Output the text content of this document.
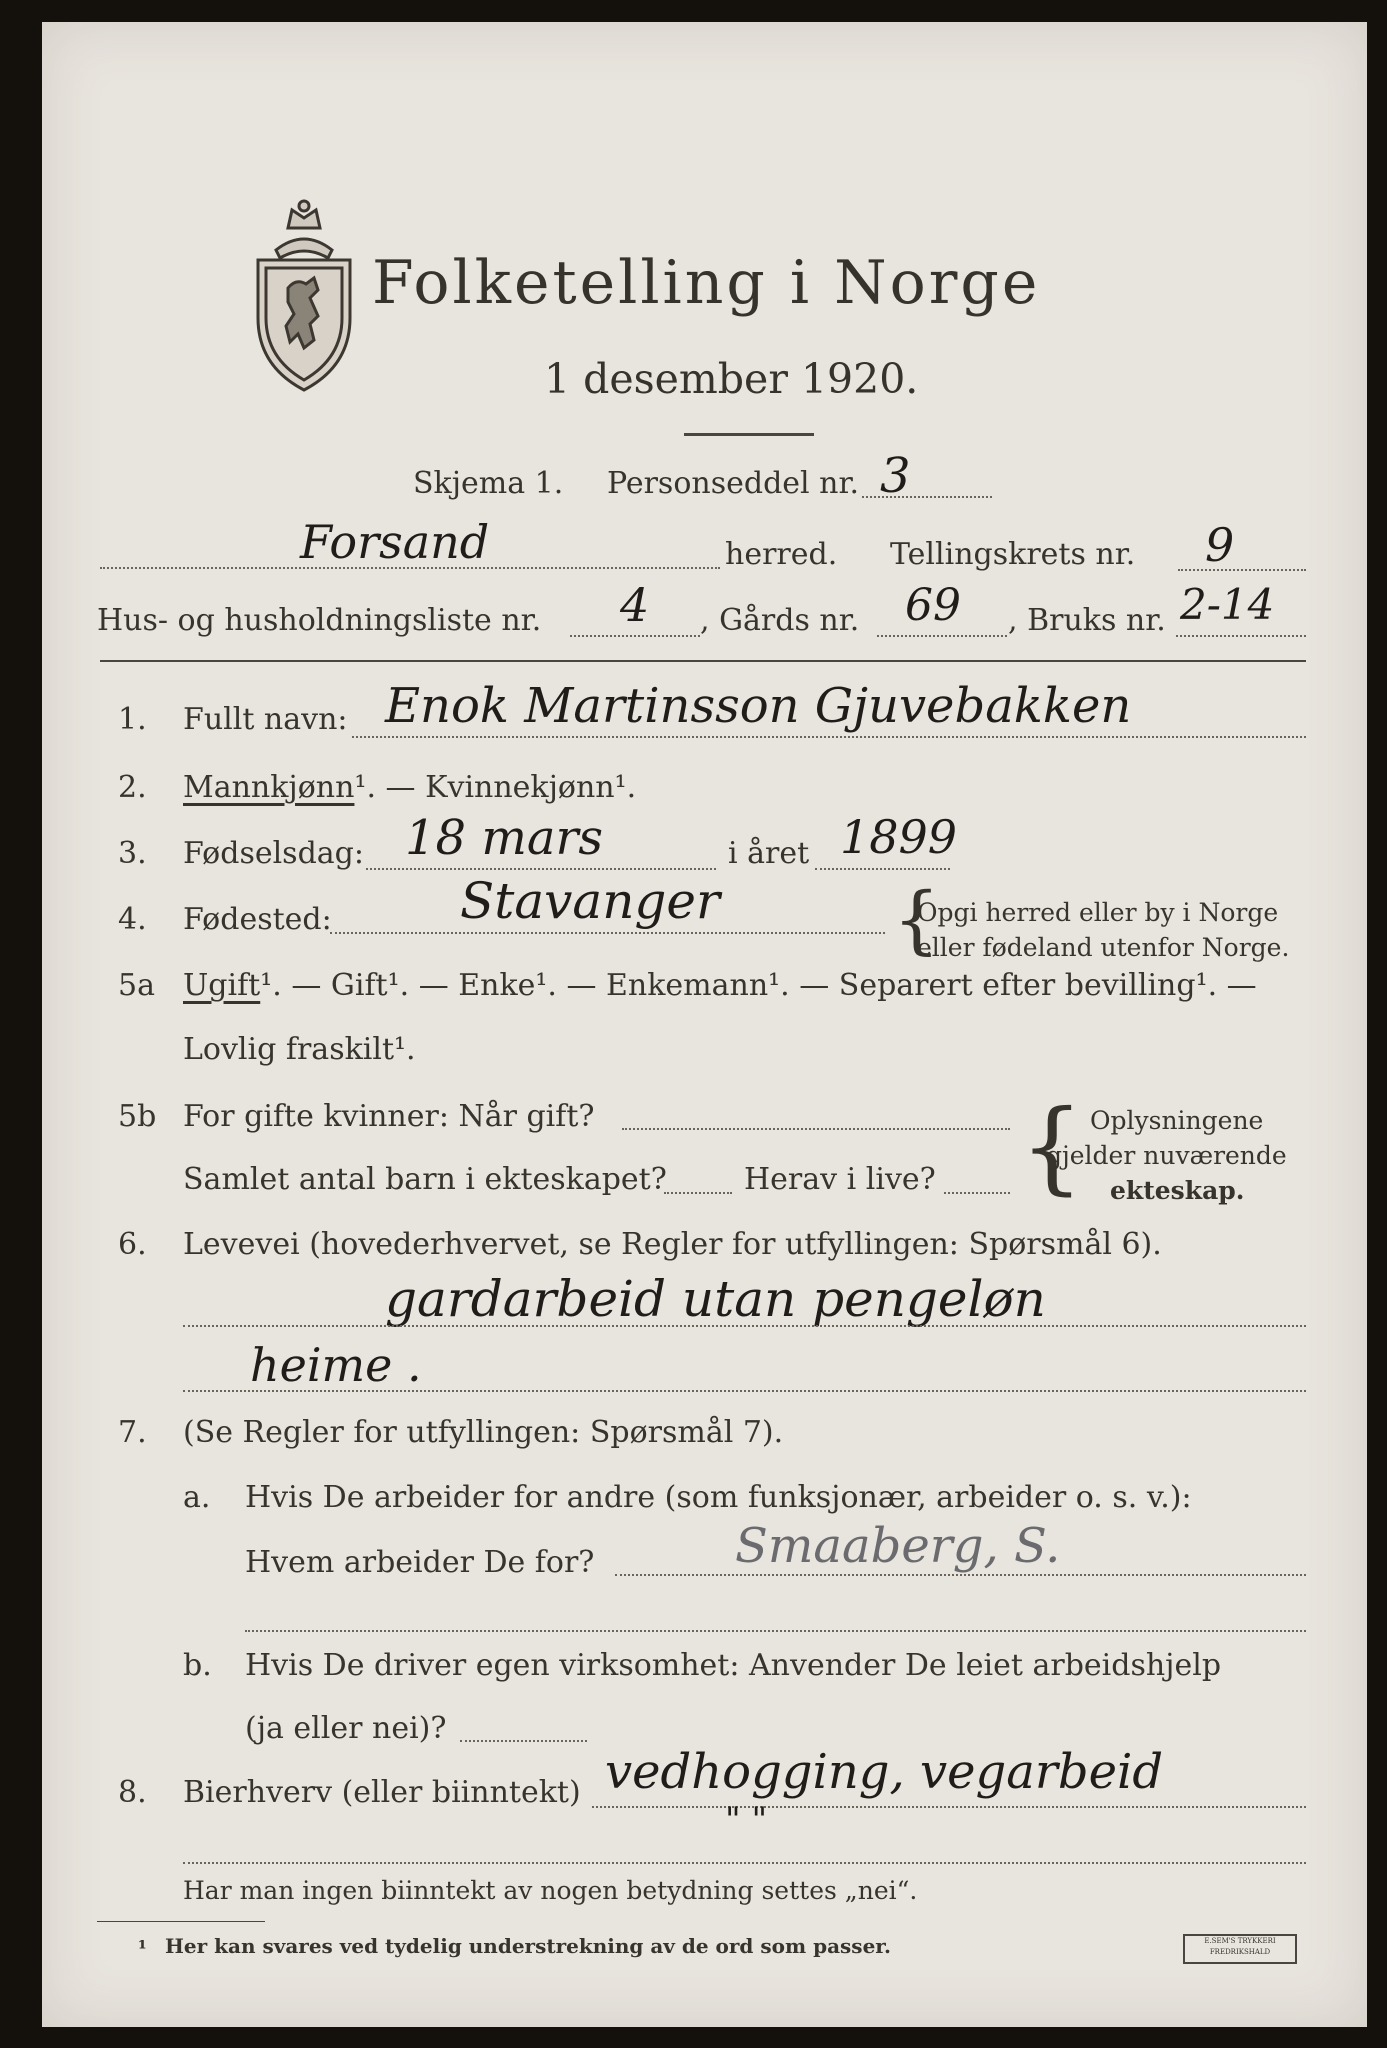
Folketelling i Norge
1 desember 1920.
Skjema 1. Personseddel nr. 3
Forsand	herred. Tellingskrets nr. 9
Hus- og husholdningsliste nr. 4 , Gårds nr. 69 , Bruks nr. 2-14
1. Fullt navn: Enok Martinsson Gjuvebakken
2. Mannkjønn¹. — Kvinnekjønn¹.
3. Fødselsdag: 18 mars	i året 1899
4. Fødested:	Stavanger {
Opgi herred eller by i Norge
eller fødeland utenfor Norge.
5a Ugift¹. — Gift¹. — Enke¹. — Enkemann¹. — Separert efter bevilling¹. —
Lovlig fraskilt¹.
5b For gifte kvinner: Når gift?
Samlet antal barn i ekteskapet?	Herav i live? { Oplysningene
gjelder nuværende
ekteskap.
6. Levevei (hovederhvervet, se Regler for utfyllingen: Spørsmål 6).
gardarbeid utan pengeløn
heime .
7. (Se Regler for utfyllingen: Spørsmål 7).
a. Hvis De arbeider for andre (som funksjonær, arbeider o. s. v.):
Hvem arbeider De for?	Smaaberg, S.
b. Hvis De driver egen virksomhet: Anvender De leiet arbeidshjelp
(ja eller nei)?
8. Bierhverv (eller biinntekt) vedhogging, vegarbeid
" "
Har man ingen biinntekt av nogen betydning settes „nei“.
¹ Her kan svares ved tydelig understrekning av de ord som passer.	E.SEM'S TRYKKERI
FREDRIKSHALD
